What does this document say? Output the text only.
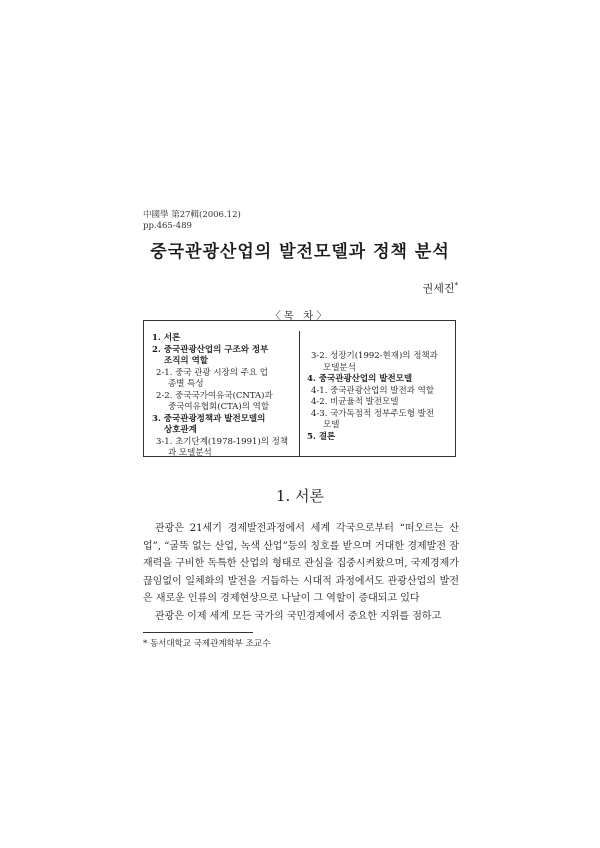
中國學 第27輯(2006.12)
pp.465-489
중국관광산업의 발전모델과 정책 분석
권세진*
〈목 차〉
1. 서론
2. 중국관광산업의 구조와 정부
조직의 역할
2-1. 중국 관광 시장의 주요 업
종별 특성
2-2. 중국국가여유국(CNTA)과
중국여유협회(CTA)의 역할
3. 중국관광정책과 발전모델의
상호관계
3-1. 초기단계(1978-1991)의 정책
과 모델분석
3-2. 성장기(1992-현재)의 정책과
모델분석
4. 중국관광산업의 발전모델
4-1. 중국관광산업의 발전과 역할
4-2. 비균율적 발전모델
4-3. 국가독점적 정부주도형 발전
모델
5. 결론
1. 서론

관광은 21세기 경제발전과정에서 세계 각국으로부터 “떠오르는 산업”, “굴뚝 없는 산업, 녹색 산업”등의 칭호를 받으며 거대한 경제발전 잠재력을 구비한 독특한 산업의 형태로 관심을 집중시켜왔으며, 국제경제가 끊임없이 일체화의 발전을 거듭하는 시대적 과정에서도 관광산업의 발전은 새로운 인류의 경제현상으로 나날이 그 역할이 증대되고 있다

관광은 이제 세계 모든 국가의 국민경제에서 중요한 지위를 점하고

* 동서대학교 국제관계학부 조교수
